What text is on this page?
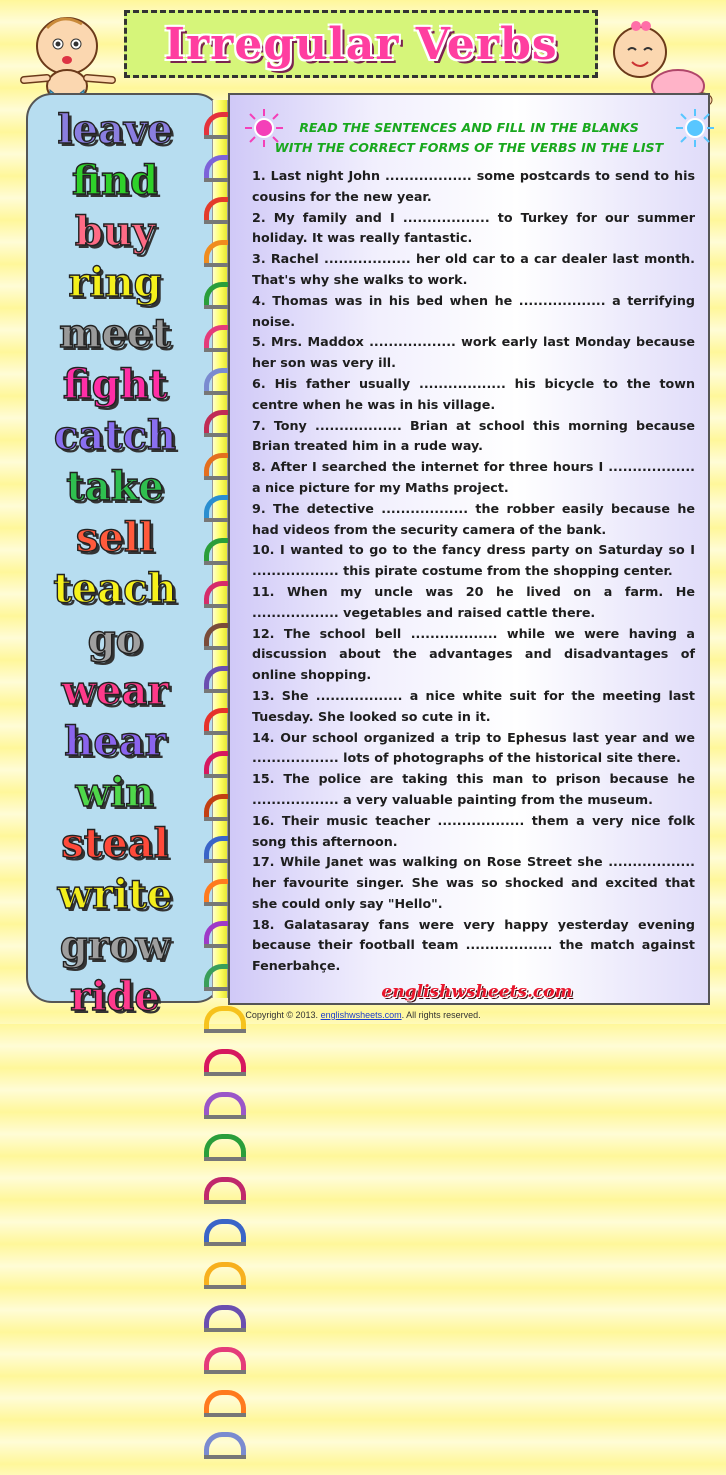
Irregular Verbs
leave
find
buy
ring
meet
fight
catch
take
sell
teach
go
wear
hear
win
steal
write
grow
ride
READ THE SENTENCES AND FILL IN THE BLANKS
WITH THE CORRECT FORMS OF THE VERBS IN THE LIST
1. Last night John .................. some postcards to send to his cousins for the new year.
2. My family and I .................. to Turkey for our summer holiday. It was really fantastic.
3. Rachel .................. her old car to a car dealer last month. That's why she walks to work.
4. Thomas was in his bed when he .................. a terrifying noise.
5. Mrs. Maddox .................. work early last Monday because her son was very ill.
6. His father usually .................. his bicycle to the town centre when he was in his village.
7. Tony .................. Brian at school this morning because Brian treated him in a rude way.
8. After I searched the internet for three hours I .................. a nice picture for my Maths project.
9. The detective .................. the robber easily because he had videos from the security camera of the bank.
10. I wanted to go to the fancy dress party on Saturday so I .................. this pirate costume from the shopping center.
11. When my uncle was 20 he lived on a farm. He .................. vegetables and raised cattle there.
12. The school bell .................. while we were having a discussion about the advantages and disadvantages of online shopping.
13. She .................. a nice white suit for the meeting last Tuesday. She looked so cute in it.
14. Our school organized a trip to Ephesus last year and we .................. lots of photographs of the historical site there.
15. The police are taking this man to prison because he .................. a very valuable painting from the museum.
16. Their music teacher .................. them a very nice folk song this afternoon.
17. While Janet was walking on Rose Street she .................. her favourite singer. She was so shocked and excited that she could only say "Hello".
18. Galatasaray fans were very happy yesterday evening because their football team .................. the match against Fenerbahçe.
englishwsheets.com
Copyright © 2013. englishwsheets.com. All rights reserved.
